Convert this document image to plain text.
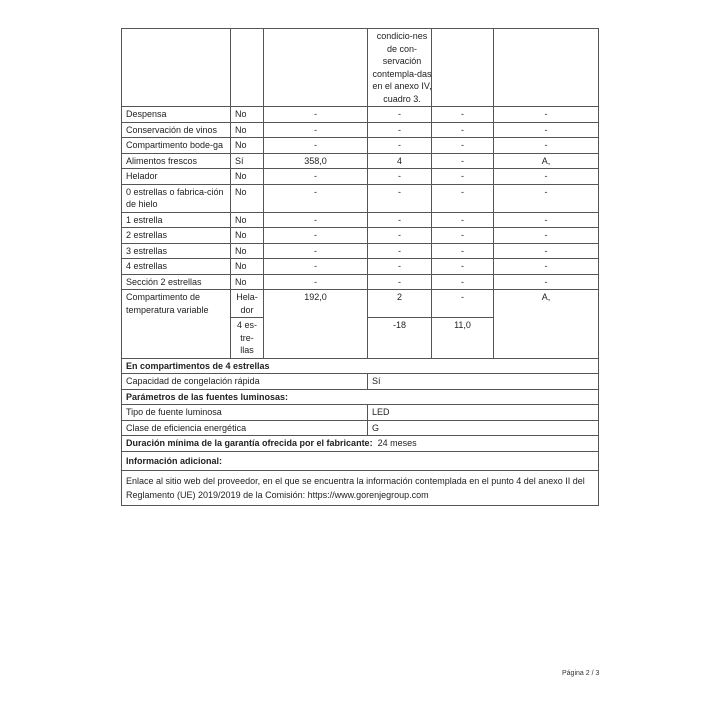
			condicio-nes de con-servación contempla-das en el anexo IV, cuadro 3.		

Despensa	No	-	-	-	-
Conservación de vinos	No	-	-	-	-
Compartimento bode-ga	No	-	-	-	-
Alimentos frescos	Sí	358,0	4	-	A,
Helador	No	-	-	-	-
0 estrellas o fabrica-ción de hielo	No	-	-	-	-
1 estrella	No	-	-	-	-
2 estrellas	No	-	-	-	-
3 estrellas	No	-	-	-	-
4 estrellas	No	-	-	-	-
Sección 2 estrellas	No	-	-	-	-
Compartimento de temperatura variable	Hela-dor	192,0	2	-	A,
	4 es-tre-llas		-18	11,0	
En compartimentos de 4 estrellas					
Capacidad de congelación rápida			Sí		
Parámetros de las fuentes luminosas:					
Tipo de fuente luminosa			LED		
Clase de eficiencia energética			G		
Duración mínima de la garantía ofrecida por el fabricante: 24 meses					
Información adicional:					
Enlace al sitio web del proveedor, en el que se encuentra la información contemplada en el punto 4 del anexo II del Reglamento (UE) 2019/2019 de la Comisión: https://www.gorenjegroup.com					
Página 2 / 3
